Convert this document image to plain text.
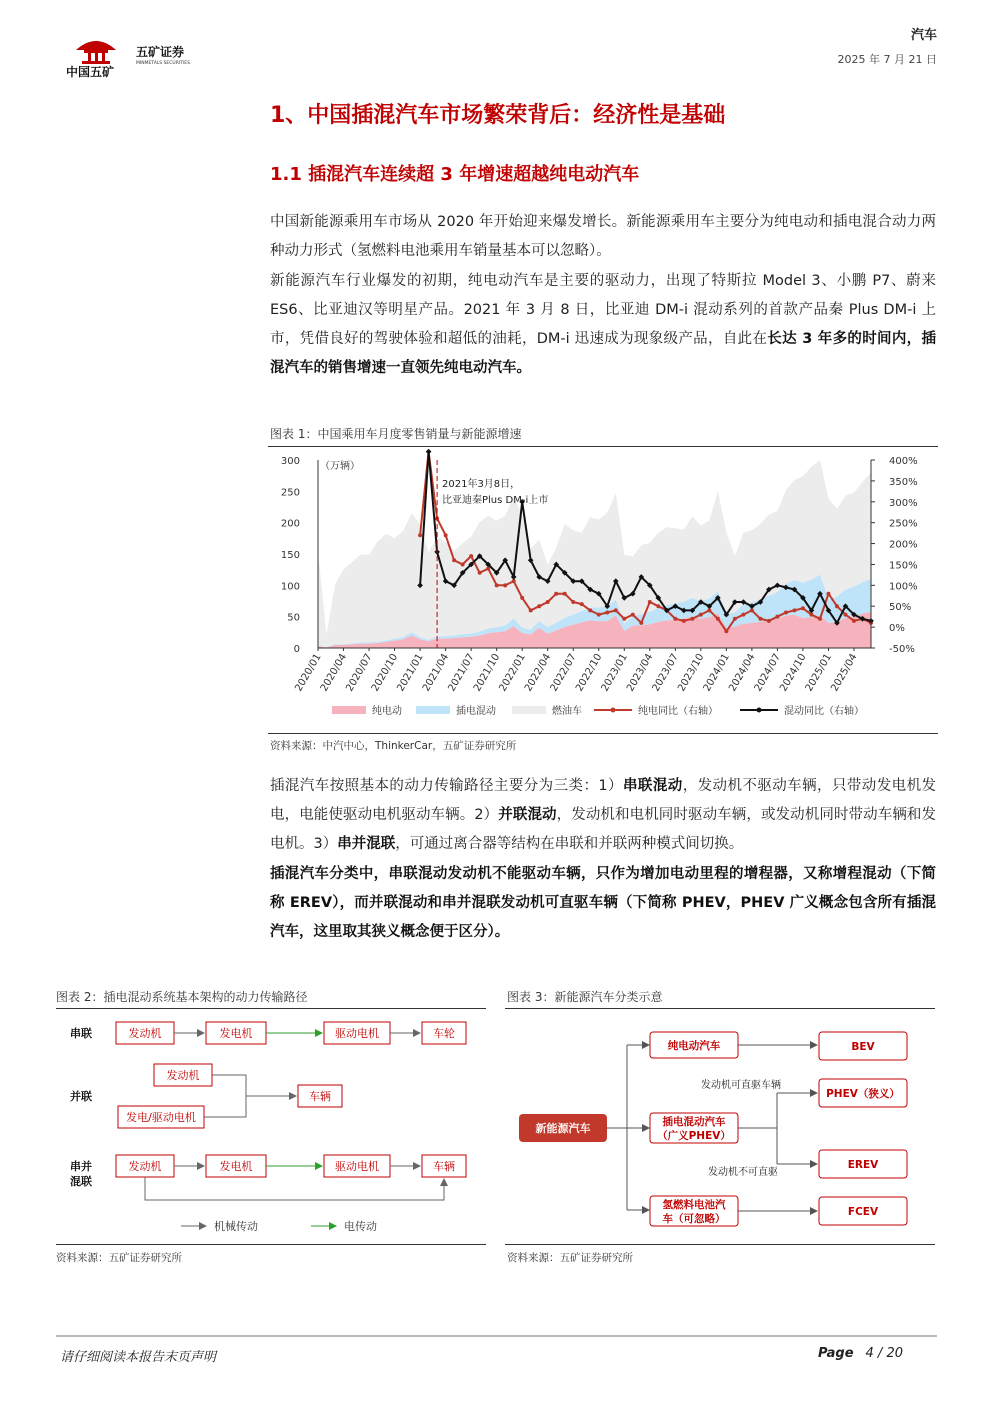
中国五矿
五矿证券
MINMETALS SECURITIES
汽车
2025 年 7 月 21 日
1、中国插混汽车市场繁荣背后：经济性是基础
1.1 插混汽车连续超 3 年增速超越纯电动汽车
中国新能源乘用车市场从 2020 年开始迎来爆发增长。新能源乘用车主要分为纯电动和插电混合动力两种动力形式（氢燃料电池乘用车销量基本可以忽略）。
新能源汽车行业爆发的初期，纯电动汽车是主要的驱动力，出现了特斯拉 Model 3、小鹏 P7、蔚来 ES6、比亚迪汉等明星产品。2021 年 3 月 8 日，比亚迪 DM-i 混动系列的首款产品秦 Plus DM-i 上市，凭借良好的驾驶体验和超低的油耗，DM-i 迅速成为现象级产品，自此在长达 3 年多的时间内，插混汽车的销售增速一直领先纯电动汽车。
图表 1：中国乘用车月度零售销量与新能源增速
300
250
200
150
100
50
0
400%
350%
300%
250%
200%
150%
100%
50%
0%
-50%
2020/01
2020/04
2020/07
2020/10
2021/01
2021/04
2021/07
2021/10
2022/01
2022/04
2022/07
2022/10
2023/01
2023/04
2023/07
2023/10
2024/01
2024/04
2024/07
2024/10
2025/01
2025/04
（万辆）
2021年3月8日，
比亚迪秦Plus DM-i上市
纯电动	插电混动	燃油车	纯电同比（右轴）	混动同比（右轴）
资料来源：中汽中心，ThinkerCar，五矿证券研究所
插混汽车按照基本的动力传输路径主要分为三类：1）串联混动，发动机不驱动车辆，只带动发电机发电，电能使驱动电机驱动车辆。2）并联混动，发动机和电机同时驱动车辆，或发动机同时带动车辆和发电机。3）串并混联，可通过离合器等结构在串联和并联两种模式间切换。
插混汽车分类中，串联混动发动机不能驱动车辆，只作为增加电动里程的增程器，又称增程混动（下简称 EREV），而并联混动和串并混联发动机可直驱车辆（下简称 PHEV，PHEV 广义概念包含所有插混汽车，这里取其狭义概念便于区分）。
图表 2：插电混动系统基本架构的动力传输路径
发动机	发电机	驱动电机	车轮
发动机
发电/驱动电机
车辆
发动机	发电机	驱动电机	车辆
串联
并联
串并
混联
机械传动	电传动
资料来源：五矿证券研究所
图表 3：新能源汽车分类示意
新能源汽车
纯电动汽车
插电混动汽车
（广义PHEV）
氢燃料电池汽
车（可忽略）
BEV
PHEV（狭义）
EREV
FCEV
发动机可直驱车辆
发动机不可直驱
资料来源：五矿证券研究所
请仔细阅读本报告末页声明	Page 4 / 20
